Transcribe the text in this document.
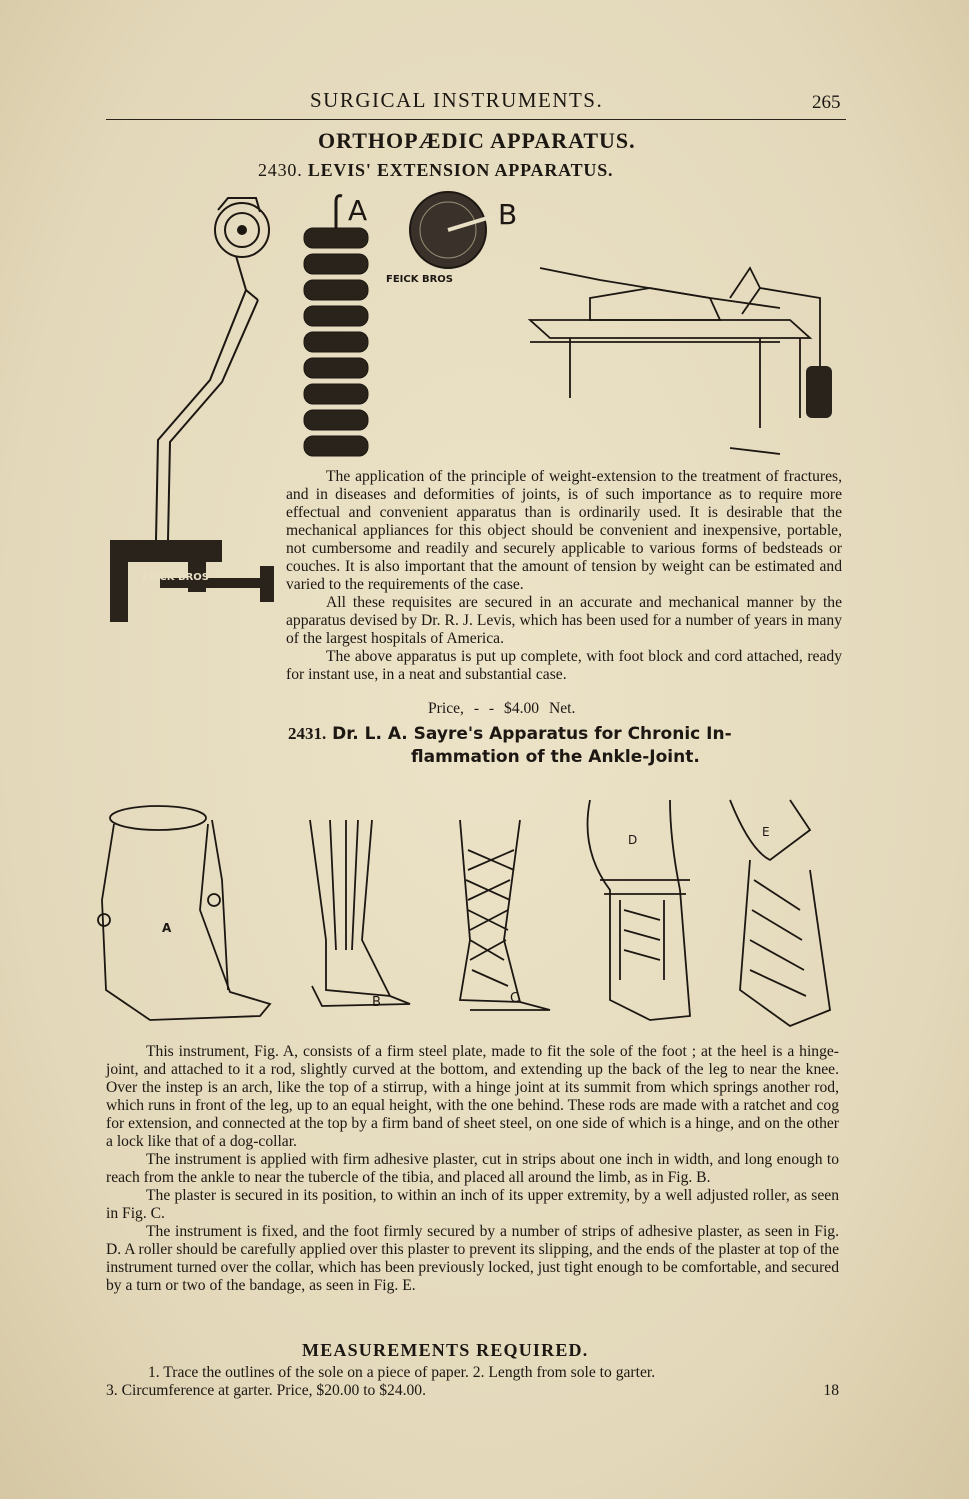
SURGICAL INSTRUMENTS.	265
ORTHOPÆDIC APPARATUS.
2430. LEVIS' EXTENSION APPARATUS.
FEICK BROS
A	B
FEICK BROS
The application of the principle of weight-extension to the treatment of fractures, and in diseases and deformities of joints, is of such importance as to require more effectual and convenient apparatus than is ordinarily used. It is desirable that the mechanical appliances for this object should be convenient and inexpensive, portable, not cumbersome and readily and securely applicable to various forms of bedsteads or couches. It is also important that the amount of tension by weight can be estimated and varied to the requirements of the case.
All these requisites are secured in an accurate and mechanical manner by the apparatus devised by Dr. R. J. Levis, which has been used for a number of years in many of the largest hospitals of America.
The above apparatus is put up complete, with foot block and cord attached, ready for instant use, in a neat and substantial case.
Price, - - $4.00 Net.
2431. Dr. L. A. Sayre's Apparatus for Chronic In-
flammation of the Ankle-Joint.
A
B	C
D
E
This instrument, Fig. A, consists of a firm steel plate, made to fit the sole of the foot ; at the heel is a hinge-joint, and attached to it a rod, slightly curved at the bottom, and extending up the back of the leg to near the knee. Over the instep is an arch, like the top of a stirrup, with a hinge joint at its summit from which springs another rod, which runs in front of the leg, up to an equal height, with the one behind. These rods are made with a ratchet and cog for extension, and connected at the top by a firm band of sheet steel, on one side of which is a hinge, and on the other a lock like that of a dog-collar.
The instrument is applied with firm adhesive plaster, cut in strips about one inch in width, and long enough to reach from the ankle to near the tubercle of the tibia, and placed all around the limb, as in Fig. B.
The plaster is secured in its position, to within an inch of its upper extremity, by a well adjusted roller, as seen in Fig. C.
The instrument is fixed, and the foot firmly secured by a number of strips of adhesive plaster, as seen in Fig. D. A roller should be carefully applied over this plaster to prevent its slipping, and the ends of the plaster at top of the instrument turned over the collar, which has been previously locked, just tight enough to be comfortable, and secured by a turn or two of the bandage, as seen in Fig. E.
MEASUREMENTS REQUIRED.
1. Trace the outlines of the sole on a piece of paper. 2. Length from sole to garter.
18
3. Circumference at garter. Price, $20.00 to $24.00.
